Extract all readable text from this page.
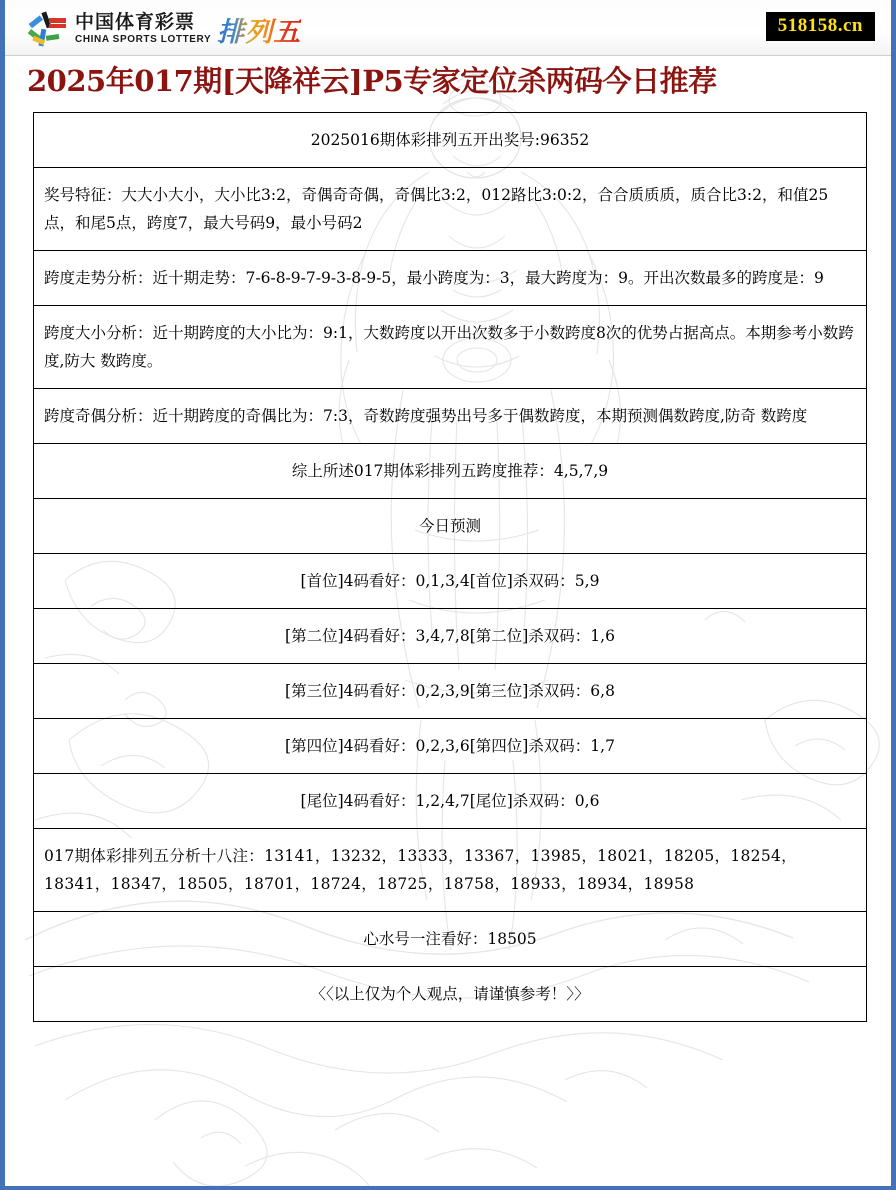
中国体育彩票
CHINA SPORTS LOTTERY 排列五	518158.cn
2025年017期[天降祥云]P5专家定位杀两码今日推荐
2025016期体彩排列五开出奖号:96352
奖号特征：大大小大小，大小比3:2，奇偶奇奇偶，奇偶比3:2，012路比3:0:2，合合质质质，质合比3:2，和值25点，和尾5点，跨度7，最大号码9，最小号码2
跨度走势分析：近十期走势：7-6-8-9-7-9-3-8-9-5，最小跨度为：3，最大跨度为：9。开出次数最多的跨度是：9
跨度大小分析：近十期跨度的大小比为：9:1，大数跨度以开出次数多于小数跨度8次的优势占据高点。本期参考小数跨度,防大 数跨度。
跨度奇偶分析：近十期跨度的奇偶比为：7:3，奇数跨度强势出号多于偶数跨度，本期预测偶数跨度,防奇 数跨度
综上所述017期体彩排列五跨度推荐：4,5,7,9
今日预测
[首位]4码看好：0,1,3,4[首位]杀双码：5,9
[第二位]4码看好：3,4,7,8[第二位]杀双码：1,6
[第三位]4码看好：0,2,3,9[第三位]杀双码：6,8
[第四位]4码看好：0,2,3,6[第四位]杀双码：1,7
[尾位]4码看好：1,2,4,7[尾位]杀双码：0,6
017期体彩排列五分析十八注：13141，13232，13333，13367，13985，18021，18205，18254，18341，18347，18505，18701，18724，18725，18758，18933，18934，18958
心水号一注看好：18505
〈〈以上仅为个人观点，请谨慎参考！〉〉
